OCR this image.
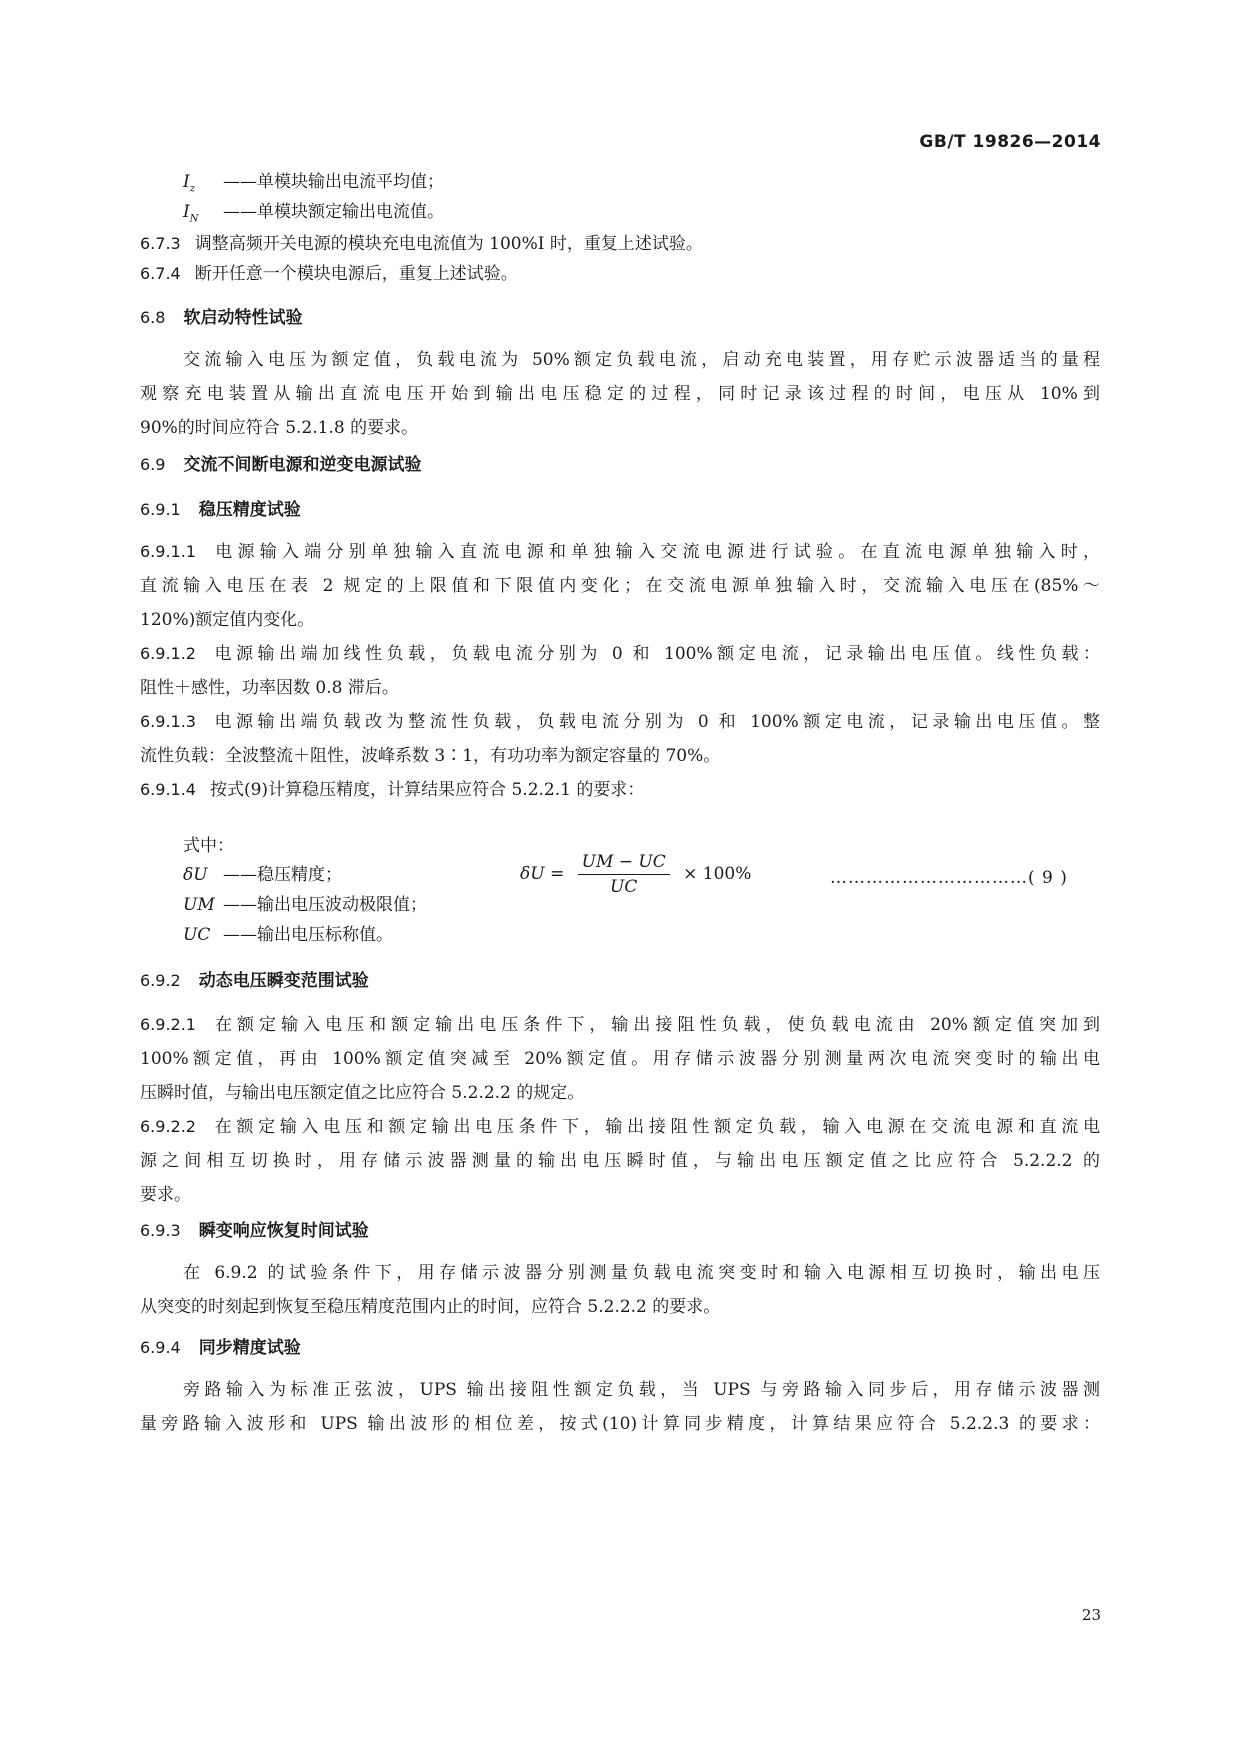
GB/T 19826—2014
$I_z$ ——单模块输出电流平均值；
$I_N$ ——单模块额定输出电流值。
6.7.3 调整高频开关电源的模块充电电流值为 100%I 时，重复上述试验。
6.7.4 断开任意一个模块电源后，重复上述试验。
6.8 软启动特性试验
交流输入电压为额定值，负载电流为 50%额定负载电流，启动充电装置，用存贮示波器适当的量程
观察充电装置从输出直流电压开始到输出电压稳定的过程，同时记录该过程的时间，电压从 10%到
90%的时间应符合 5.2.1.8 的要求。
6.9 交流不间断电源和逆变电源试验
6.9.1 稳压精度试验
6.9.1.1 电源输入端分别单独输入直流电源和单独输入交流电源进行试验。在直流电源单独输入时，
直流输入电压在表 2 规定的上限值和下限值内变化；在交流电源单独输入时，交流输入电压在(85%～
120%)额定值内变化。
6.9.1.2 电源输出端加线性负载，负载电流分别为 0 和 100%额定电流，记录输出电压值。线性负载：
阻性＋感性，功率因数 0.8 滞后。
6.9.1.3 电源输出端负载改为整流性负载，负载电流分别为 0 和 100%额定电流，记录输出电压值。整
流性负载：全波整流＋阻性，波峰系数 3∶1，有功功率为额定容量的 70%。
6.9.1.4 按式(9)计算稳压精度，计算结果应符合 5.2.2.1 的要求：
$\delta U = \frac{UM - UC}{UC} \times 100\%$	……………………………( 9 )
式中：
δU ——稳压精度；
UM ——输出电压波动极限值；
UC ——输出电压标称值。
6.9.2 动态电压瞬变范围试验
6.9.2.1 在额定输入电压和额定输出电压条件下，输出接阻性负载，使负载电流由 20%额定值突加到
100%额定值，再由 100%额定值突减至 20%额定值。用存储示波器分别测量两次电流突变时的输出电
压瞬时值，与输出电压额定值之比应符合 5.2.2.2 的规定。
6.9.2.2 在额定输入电压和额定输出电压条件下，输出接阻性额定负载，输入电源在交流电源和直流电
源之间相互切换时，用存储示波器测量的输出电压瞬时值，与输出电压额定值之比应符合 5.2.2.2 的
要求。
6.9.3 瞬变响应恢复时间试验
在 6.9.2 的试验条件下，用存储示波器分别测量负载电流突变时和输入电源相互切换时，输出电压
从突变的时刻起到恢复至稳压精度范围内止的时间，应符合 5.2.2.2 的要求。
6.9.4 同步精度试验
旁路输入为标准正弦波，UPS 输出接阻性额定负载，当 UPS 与旁路输入同步后，用存储示波器测
量旁路输入波形和 UPS 输出波形的相位差，按式(10)计算同步精度，计算结果应符合 5.2.2.3 的要求：
23
